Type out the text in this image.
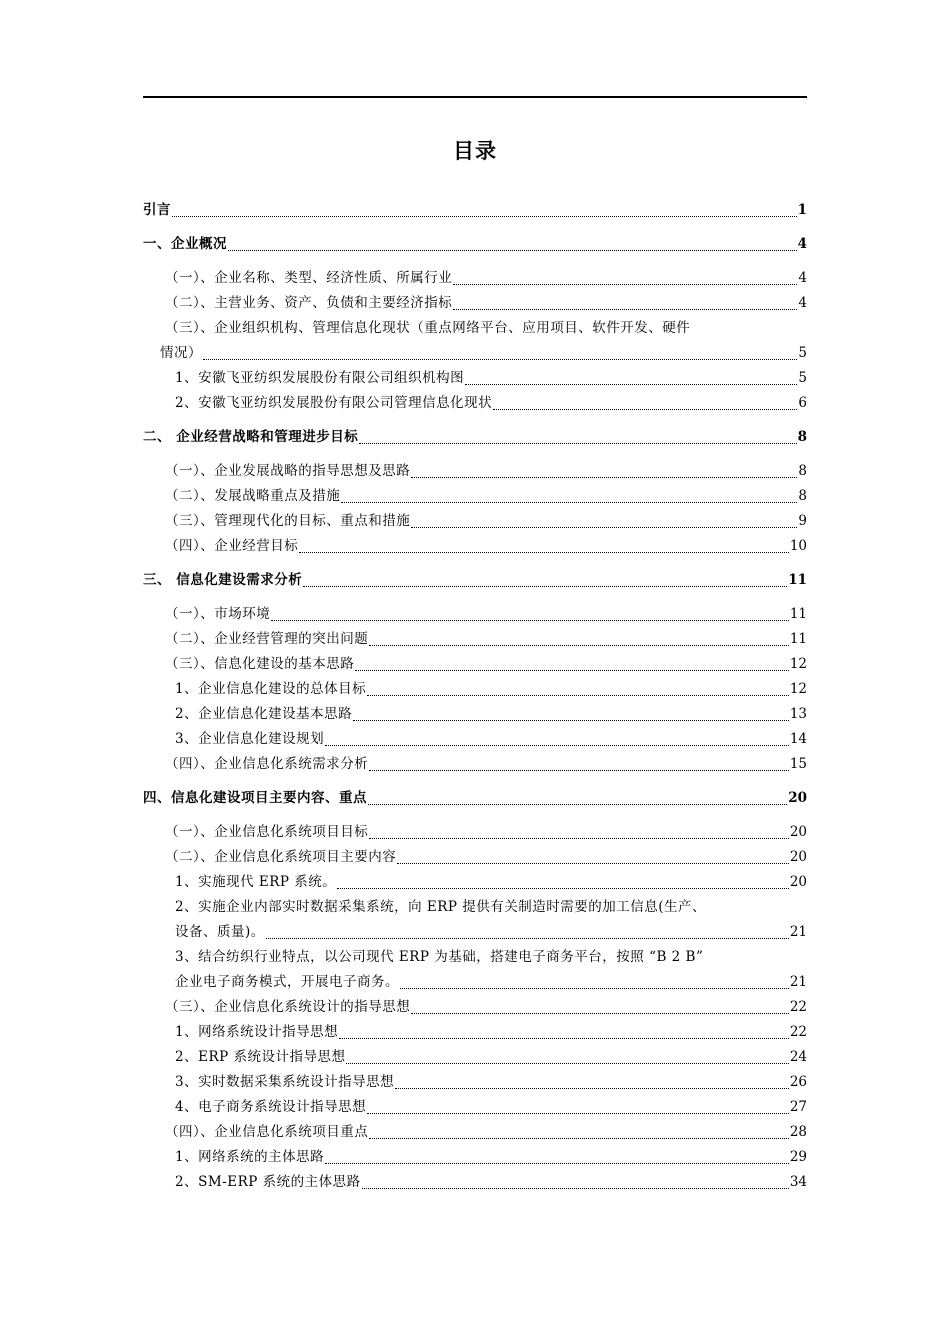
目录
引言	1
一、企业概况	4
（一）、企业名称、类型、经济性质、所属行业	4
（二）、主营业务、资产、负债和主要经济指标	4
（三）、企业组织机构、管理信息化现状（重点网络平台、应用项目、软件开发、硬件
情况）	5
1、安徽飞亚纺织发展股份有限公司组织机构图	5
2、安徽飞亚纺织发展股份有限公司管理信息化现状	6
二、 企业经营战略和管理进步目标	8
（一）、企业发展战略的指导思想及思路	8
（二）、发展战略重点及措施	8
（三）、管理现代化的目标、重点和措施	9
（四）、企业经营目标	10
三、 信息化建设需求分析	11
（一）、市场环境	11
（二）、企业经营管理的突出问题	11
（三）、信息化建设的基本思路	12
1、企业信息化建设的总体目标	12
2、企业信息化建设基本思路	13
3、企业信息化建设规划	14
（四）、企业信息化系统需求分析	15
四、信息化建设项目主要内容、重点	20
（一）、企业信息化系统项目目标	20
（二）、企业信息化系统项目主要内容	20
1、实施现代 ERP 系统。	20
2、实施企业内部实时数据采集系统，向 ERP 提供有关制造时需要的加工信息(生产、
设备、质量)。	21
3、结合纺织行业特点，以公司现代 ERP 为基础，搭建电子商务平台，按照 “B 2 B”
企业电子商务模式，开展电子商务。	21
（三）、企业信息化系统设计的指导思想	22
1、网络系统设计指导思想	22
2、ERP 系统设计指导思想	24
3、实时数据采集系统设计指导思想	26
4、电子商务系统设计指导思想	27
（四）、企业信息化系统项目重点	28
1、网络系统的主体思路	29
2、SM-ERP 系统的主体思路	34
